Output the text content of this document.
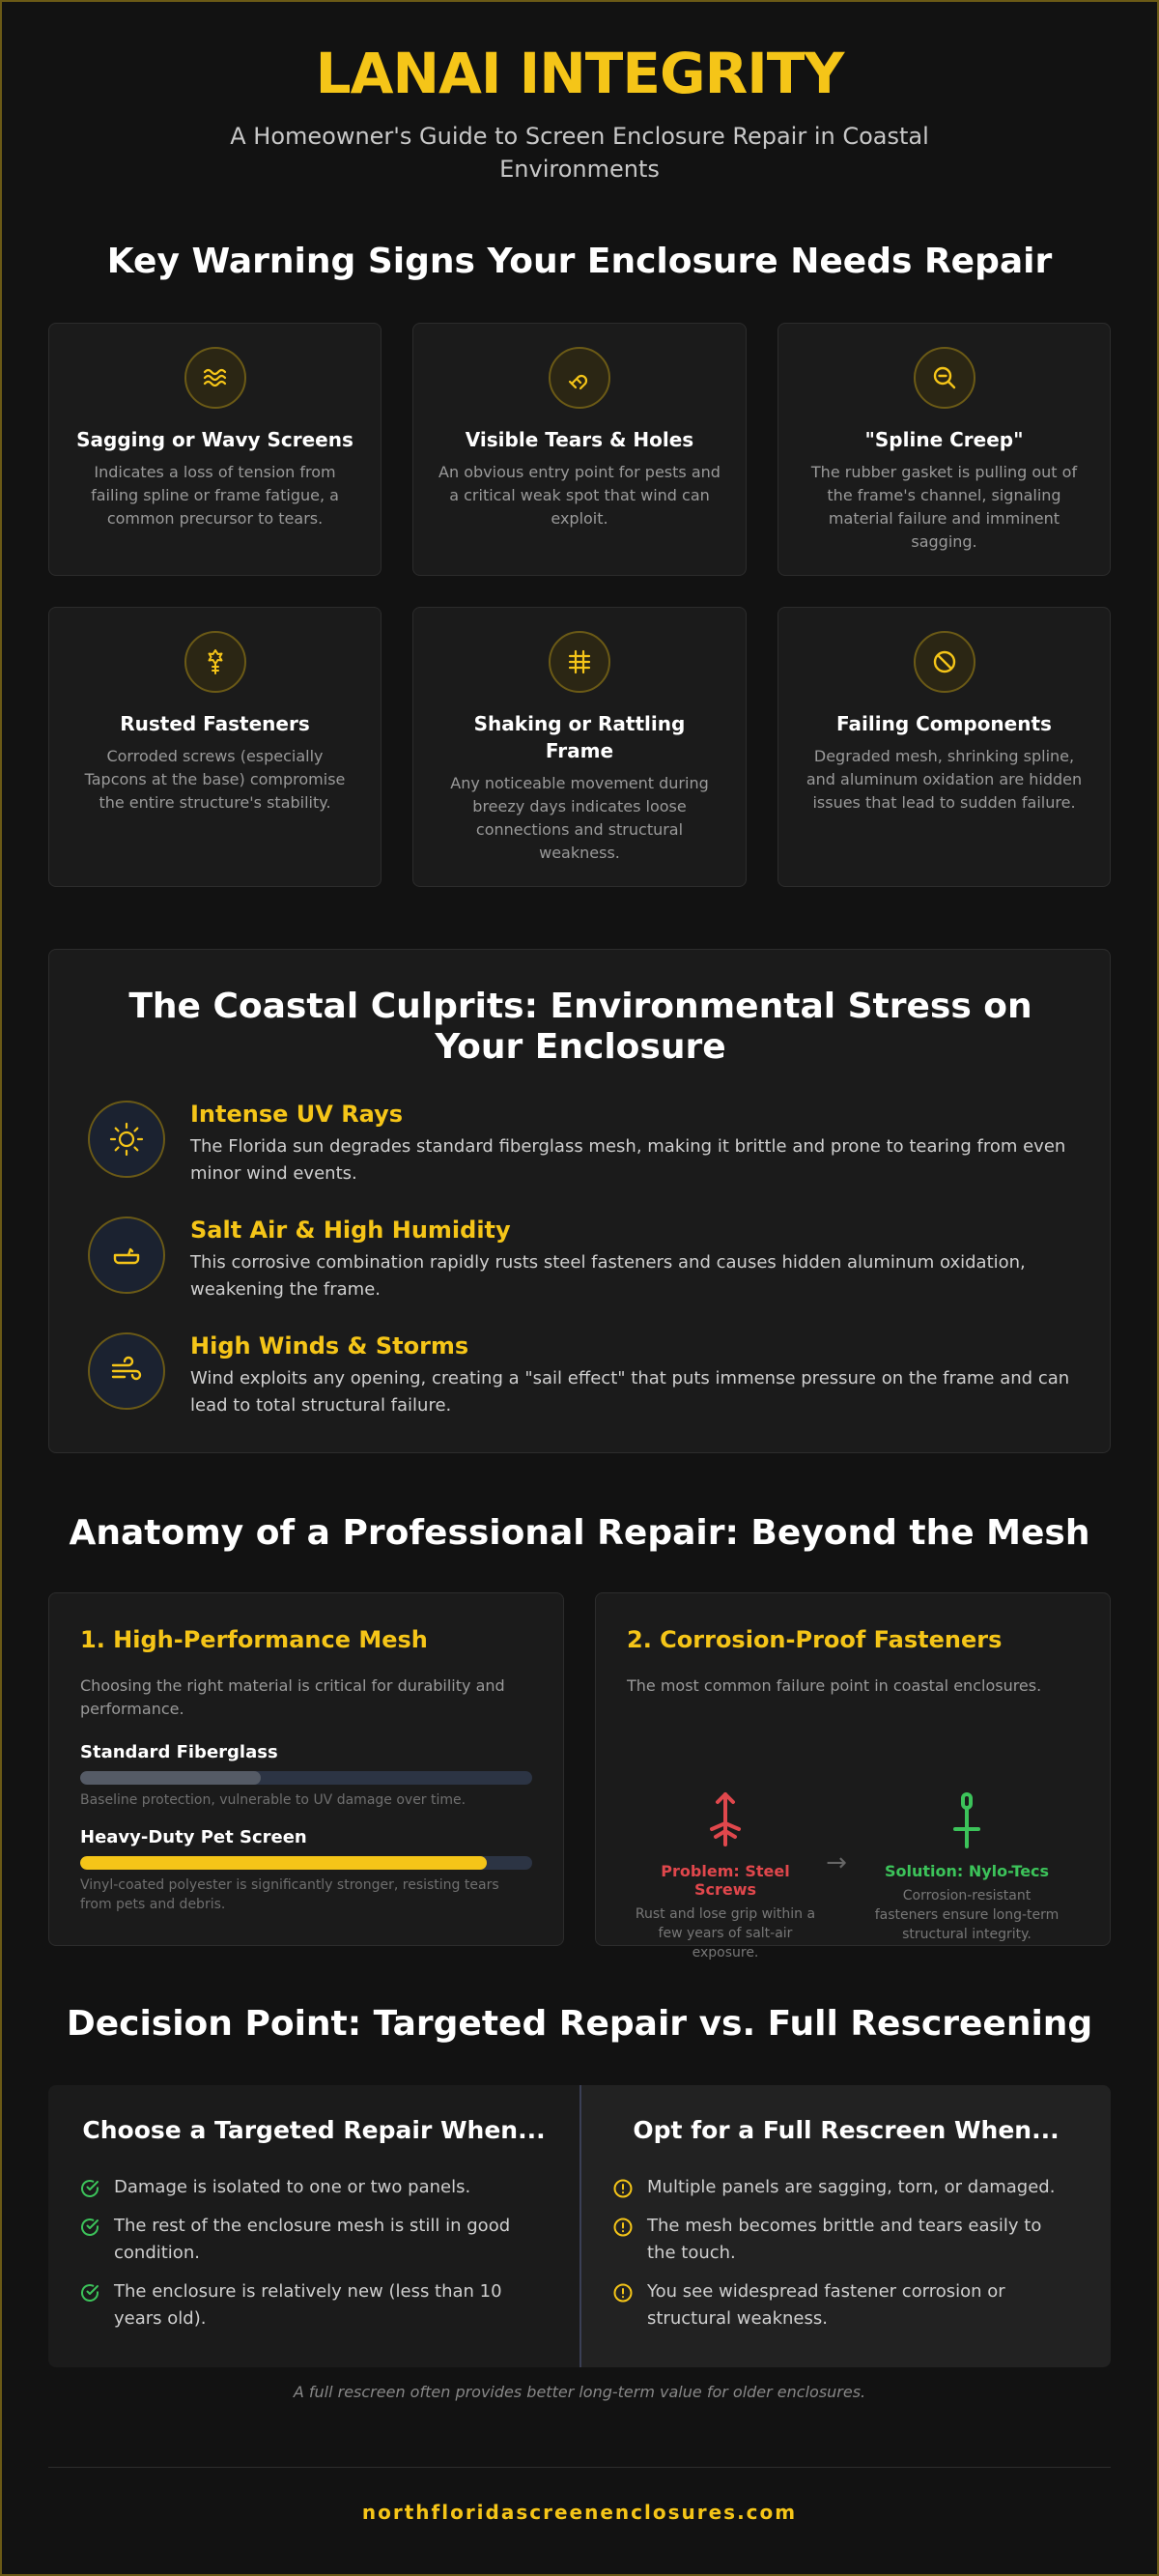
LANAI INTEGRITY
A Homeowner's Guide to Screen Enclosure Repair in Coastal Environments
Key Warning Signs Your Enclosure Needs Repair
Sagging or Wavy Screens
Indicates a loss of tension from failing spline or frame fatigue, a common precursor to tears.
Visible Tears & Holes
An obvious entry point for pests and a critical weak spot that wind can exploit.
"Spline Creep"
The rubber gasket is pulling out of the frame's channel, signaling material failure and imminent sagging.
Rusted Fasteners
Corroded screws (especially Tapcons at the base) compromise the entire structure's stability.
Shaking or Rattling Frame
Any noticeable movement during breezy days indicates loose connections and structural weakness.
Failing Components
Degraded mesh, shrinking spline, and aluminum oxidation are hidden issues that lead to sudden failure.
The Coastal Culprits: Environmental Stress on Your Enclosure
Intense UV Rays
The Florida sun degrades standard fiberglass mesh, making it brittle and prone to tearing from even minor wind events.
Salt Air & High Humidity
This corrosive combination rapidly rusts steel fasteners and causes hidden aluminum oxidation, weakening the frame.
High Winds & Storms
Wind exploits any opening, creating a "sail effect" that puts immense pressure on the frame and can lead to total structural failure.
Anatomy of a Professional Repair: Beyond the Mesh
1. High-Performance Mesh
Choosing the right material is critical for durability and performance.
Standard Fiberglass
Baseline protection, vulnerable to UV damage over time.
Heavy-Duty Pet Screen
Vinyl-coated polyester is significantly stronger, resisting tears from pets and debris.
2. Corrosion-Proof Fasteners
The most common failure point in coastal enclosures.
Problem: Steel Screws
Rust and lose grip within a few years of salt-air exposure.
→	Solution: Nylo-Tecs
Corrosion-resistant fasteners ensure long-term structural integrity.
Decision Point: Targeted Repair vs. Full Rescreening
Choose a Targeted Repair When...
Damage is isolated to one or two panels.
The rest of the enclosure mesh is still in good condition.
The enclosure is relatively new (less than 10 years old).
Opt for a Full Rescreen When...
Multiple panels are sagging, torn, or damaged.
The mesh becomes brittle and tears easily to the touch.
You see widespread fastener corrosion or structural weakness.
A full rescreen often provides better long-term value for older enclosures.
northfloridascreenenclosures.com
